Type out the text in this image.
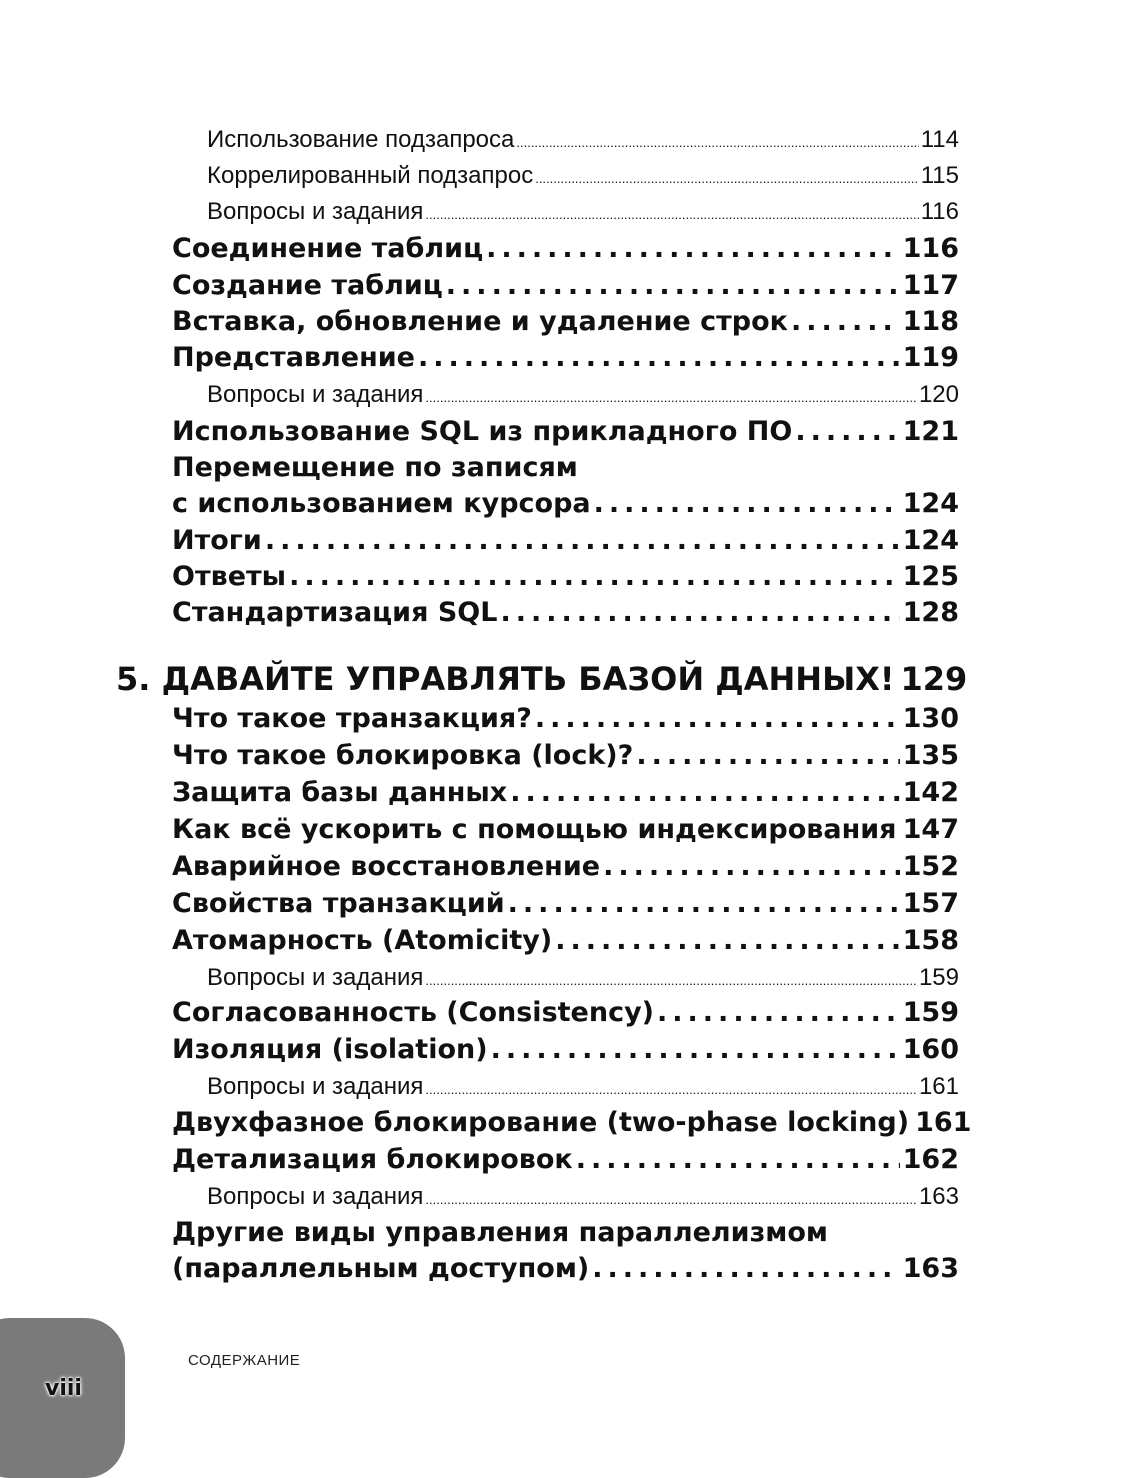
Использование подзапроса .....	114
Коррелированный подзапрос .....	115
Вопросы и задания .....	116
Соединение таблиц .....	116
Создание таблиц .....	117
Вставка, обновление и удаление строк .....	118
Представление .....	119
Вопросы и задания .....	120
Использование SQL из прикладного ПО .....	121
Перемещение по записям
с использованием курсора .....	124
Итоги .....	124
Ответы .....	125
Стандартизация SQL .....	128
5. ДАВАЙТЕ УПРАВЛЯТЬ БАЗОЙ ДАННЫХ! 129
Что такое транзакция? .....	130
Что такое блокировка (lock)? .....	135
Защита базы данных .....	142
Как всё ускорить с помощью индексирования ..... 147
Аварийное восстановление .....	152
Свойства транзакций .....	157
Атомарность (Atomicity) .....	158
Вопросы и задания .....	159
Согласованность (Consistency) .....	159
Изоляция (isolation) .....	160
Вопросы и задания .....	161
Двухфазное блокирование (two-phase locking) 161
Детализация блокировок .....	162
Вопросы и задания .....	163
Другие виды управления параллелизмом
(параллельным доступом) .....	163
viii
СОДЕРЖАНИЕ
